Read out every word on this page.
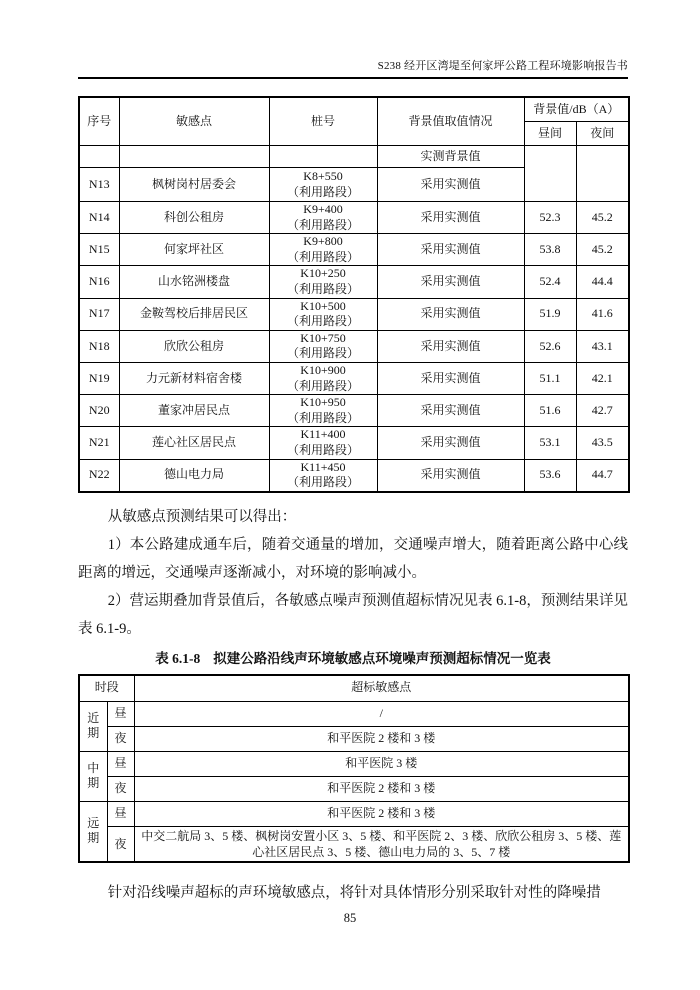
S238 经开区湾堤至何家坪公路工程环境影响报告书
序号	敏感点	桩号	背景值取值情况	背景值/dB（A）	
				昼间	夜间
			实测背景值		
N13	枫树岗村居委会	K8+550
（利用路段）	采用实测值		
N14	科创公租房	K9+400
（利用路段）	采用实测值	52.3	45.2
N15	何家坪社区	K9+800
（利用路段）	采用实测值	53.8	45.2
N16	山水铭洲楼盘	K10+250
（利用路段）	采用实测值	52.4	44.4
N17	金鞍驾校后排居民区	K10+500
（利用路段）	采用实测值	51.9	41.6
N18	欣欣公租房	K10+750
（利用路段）	采用实测值	52.6	43.1
N19	力元新材料宿舍楼	K10+900
（利用路段）	采用实测值	51.1	42.1
N20	董家冲居民点	K10+950
（利用路段）	采用实测值	51.6	42.7
N21	莲心社区居民点	K11+400
（利用路段）	采用实测值	53.1	43.5
N22	德山电力局	K11+450
（利用路段）	采用实测值	53.6	44.7

从敏感点预测结果可以得出：

1）本公路建成通车后，随着交通量的增加，交通噪声增大，随着距离公路中心线距离的增远，交通噪声逐渐减小，对环境的影响减小。

2）营运期叠加背景值后，各敏感点噪声预测值超标情况见表 6.1-8，预测结果详见表 6.1-9。

表 6.1-8 拟建公路沿线声环境敏感点环境噪声预测超标情况一览表
时段		超标敏感点
近期	昼	/
	夜	和平医院 2 楼和 3 楼
中期	昼	和平医院 3 楼
	夜	和平医院 2 楼和 3 楼
远期	昼	和平医院 2 楼和 3 楼
	夜	中交二航局 3、5 楼、枫树岗安置小区 3、5 楼、和平医院 2、3 楼、欣欣公租房 3、5 楼、莲心社区居民点 3、5 楼、德山电力局的 3、5、7 楼

针对沿线噪声超标的声环境敏感点，将针对具体情形分别采取针对性的降噪措

85
